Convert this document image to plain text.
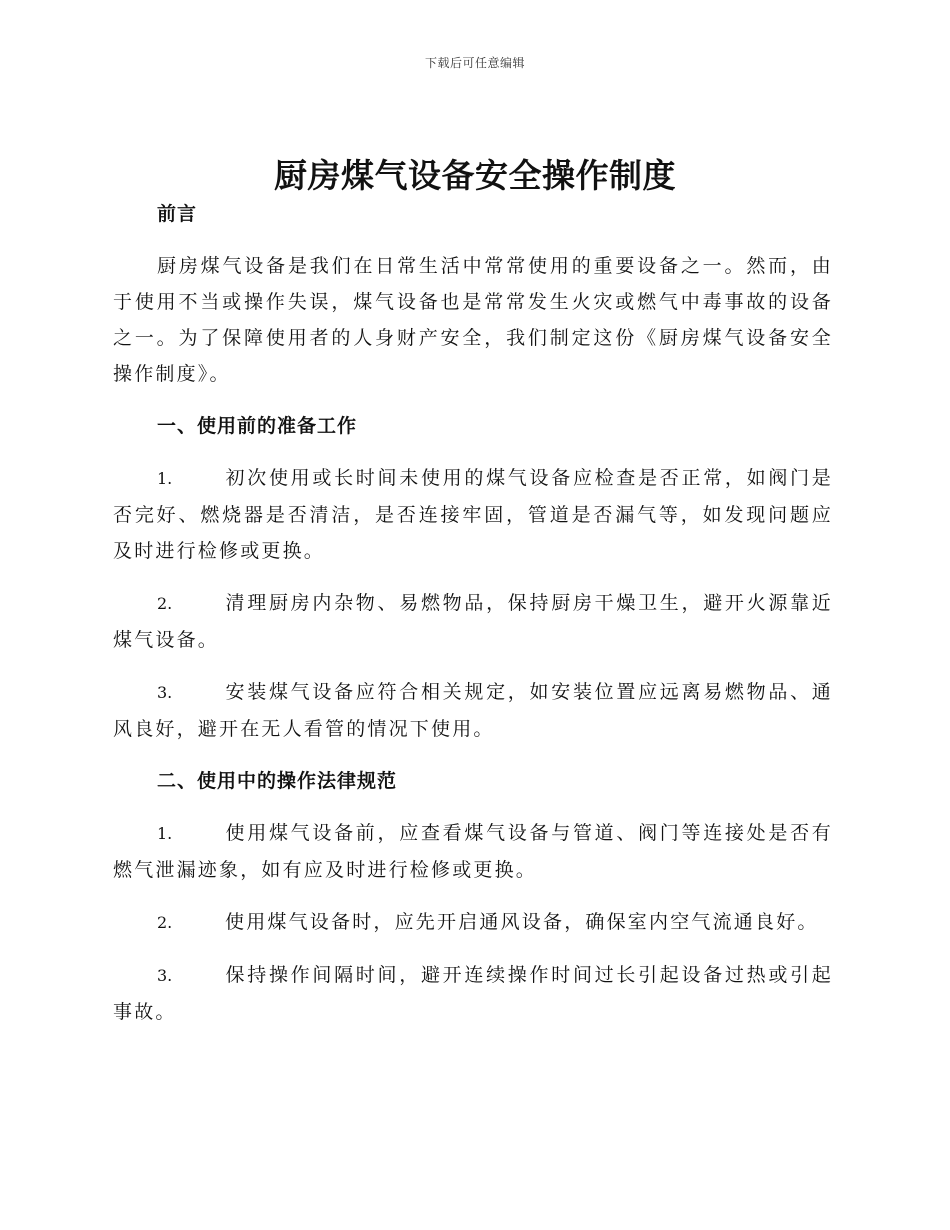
下载后可任意编辑
厨房煤气设备安全操作制度
前言

厨房煤气设备是我们在日常生活中常常使用的重要设备之一。然而，由于使用不当或操作失误，煤气设备也是常常发生火灾或燃气中毒事故的设备之一。为了保障使用者的人身财产安全，我们制定这份《厨房煤气设备安全操作制度》。

一、使用前的准备工作

1.	初次使用或长时间未使用的煤气设备应检查是否正常，如阀门是否完好、燃烧器是否清洁，是否连接牢固，管道是否漏气等，如发现问题应及时进行检修或更换。

2.	清理厨房内杂物、易燃物品，保持厨房干燥卫生，避开火源靠近煤气设备。

3.	安装煤气设备应符合相关规定，如安装位置应远离易燃物品、通风良好，避开在无人看管的情况下使用。

二、使用中的操作法律规范

1.	使用煤气设备前，应查看煤气设备与管道、阀门等连接处是否有燃气泄漏迹象，如有应及时进行检修或更换。

2.	使用煤气设备时，应先开启通风设备，确保室内空气流通良好。

3.	保持操作间隔时间，避开连续操作时间过长引起设备过热或引起事故。
